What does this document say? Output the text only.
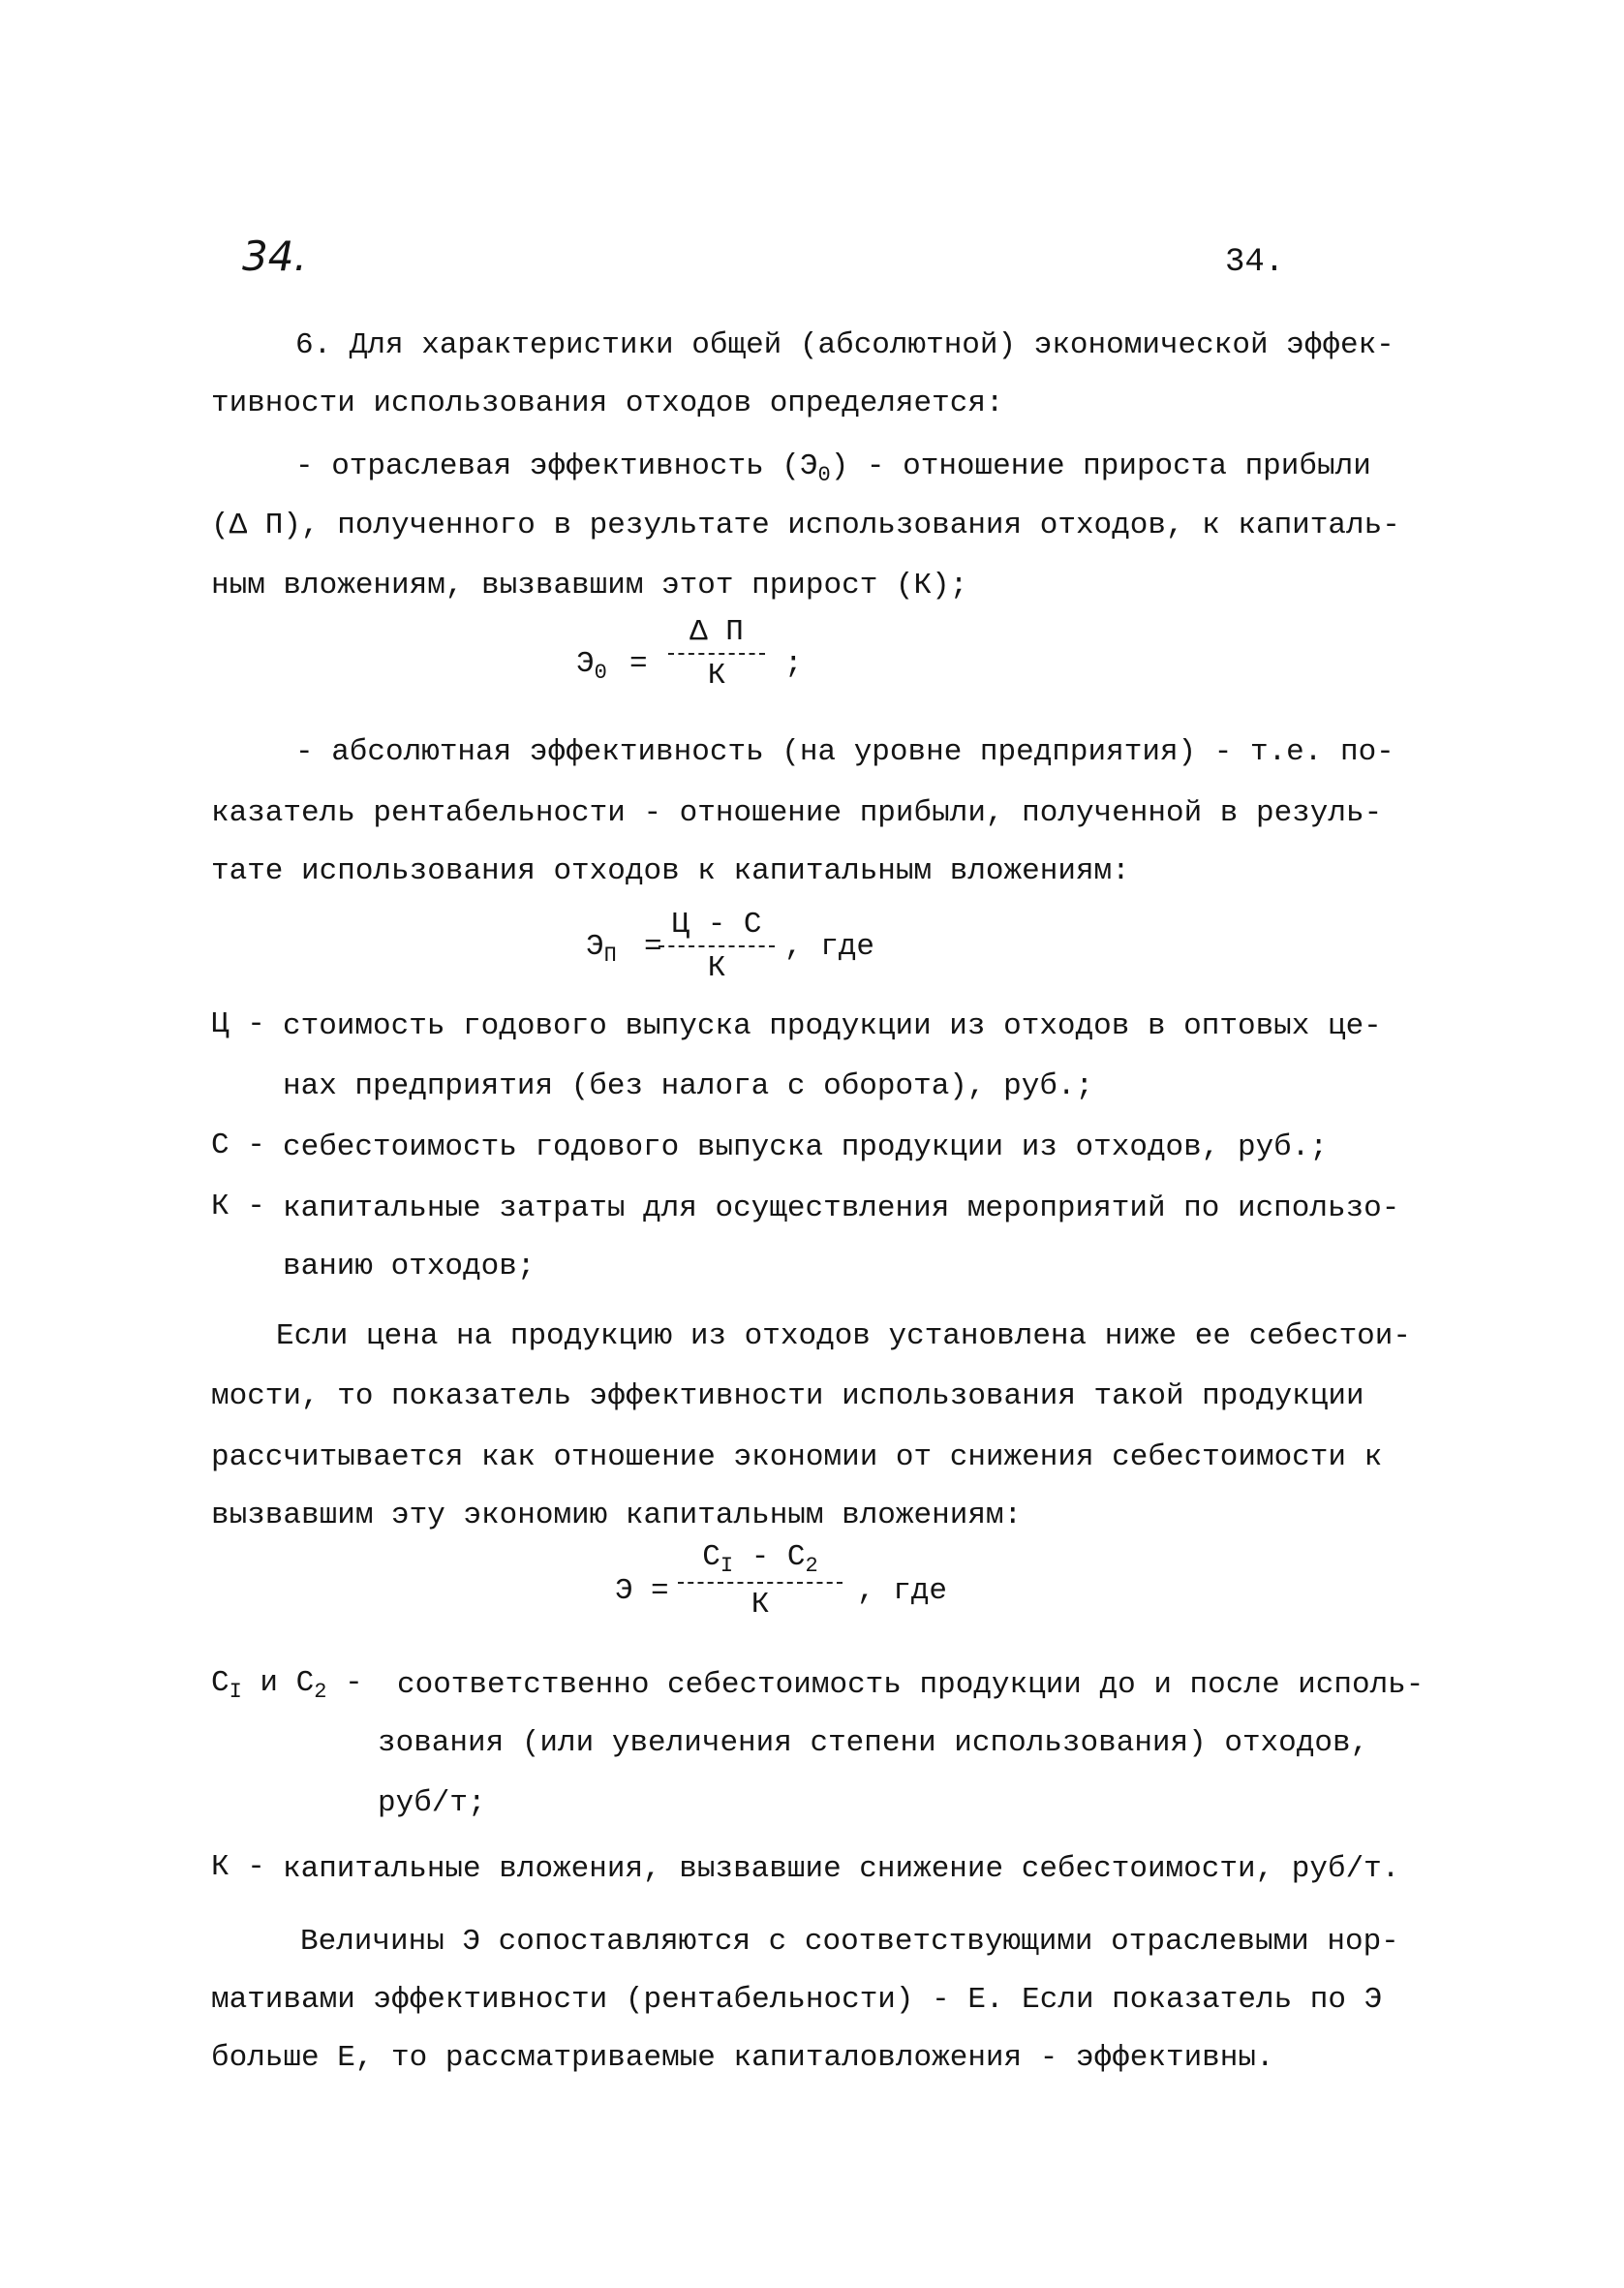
34.	34.
6. Для характеристики общей (абсолютной) экономической эффек-
тивности использования отходов определяется:
- отраслевая эффективность $(Э_0)$ - отношение прироста прибыли
(Δ П), полученного в результате использования отходов, к капиталь-
ным вложениям, вызвавшим этот прирост (К);
$Э_0$ =
Δ П
К	;
- абсолютная эффективность (на уровне предприятия) - т.е. по-
казатель рентабельности - отношение прибыли, полученной в резуль-
тате использования отходов к капитальным вложениям:
$Э_П$ =
Ц - С
К
, где
Ц - стоимость годового выпуска продукции из отходов в оптовых це-
нах предприятия (без налога с оборота), руб.;
С - себестоимость годового выпуска продукции из отходов, руб.;
К - капитальные затраты для осуществления мероприятий по использо-
ванию отходов;
Если цена на продукцию из отходов установлена ниже ее себестои-
мости, то показатель эффективности использования такой продукции
рассчитывается как отношение экономии от снижения себестоимости к
вызвавшим эту экономию капитальным вложениям:
Э =
$С_I - С_2$
К	, где
$С_I$ и $С_2$ - соответственно себестоимость продукции до и после исполь-
зования (или увеличения степени использования) отходов,
руб/т;
К - капитальные вложения, вызвавшие снижение себестоимости, руб/т.
Величины Э сопоставляются с соответствующими отраслевыми нор-
мативами эффективности (рентабельности) - Е. Если показатель по Э
больше Е, то рассматриваемые капиталовложения - эффективны.
